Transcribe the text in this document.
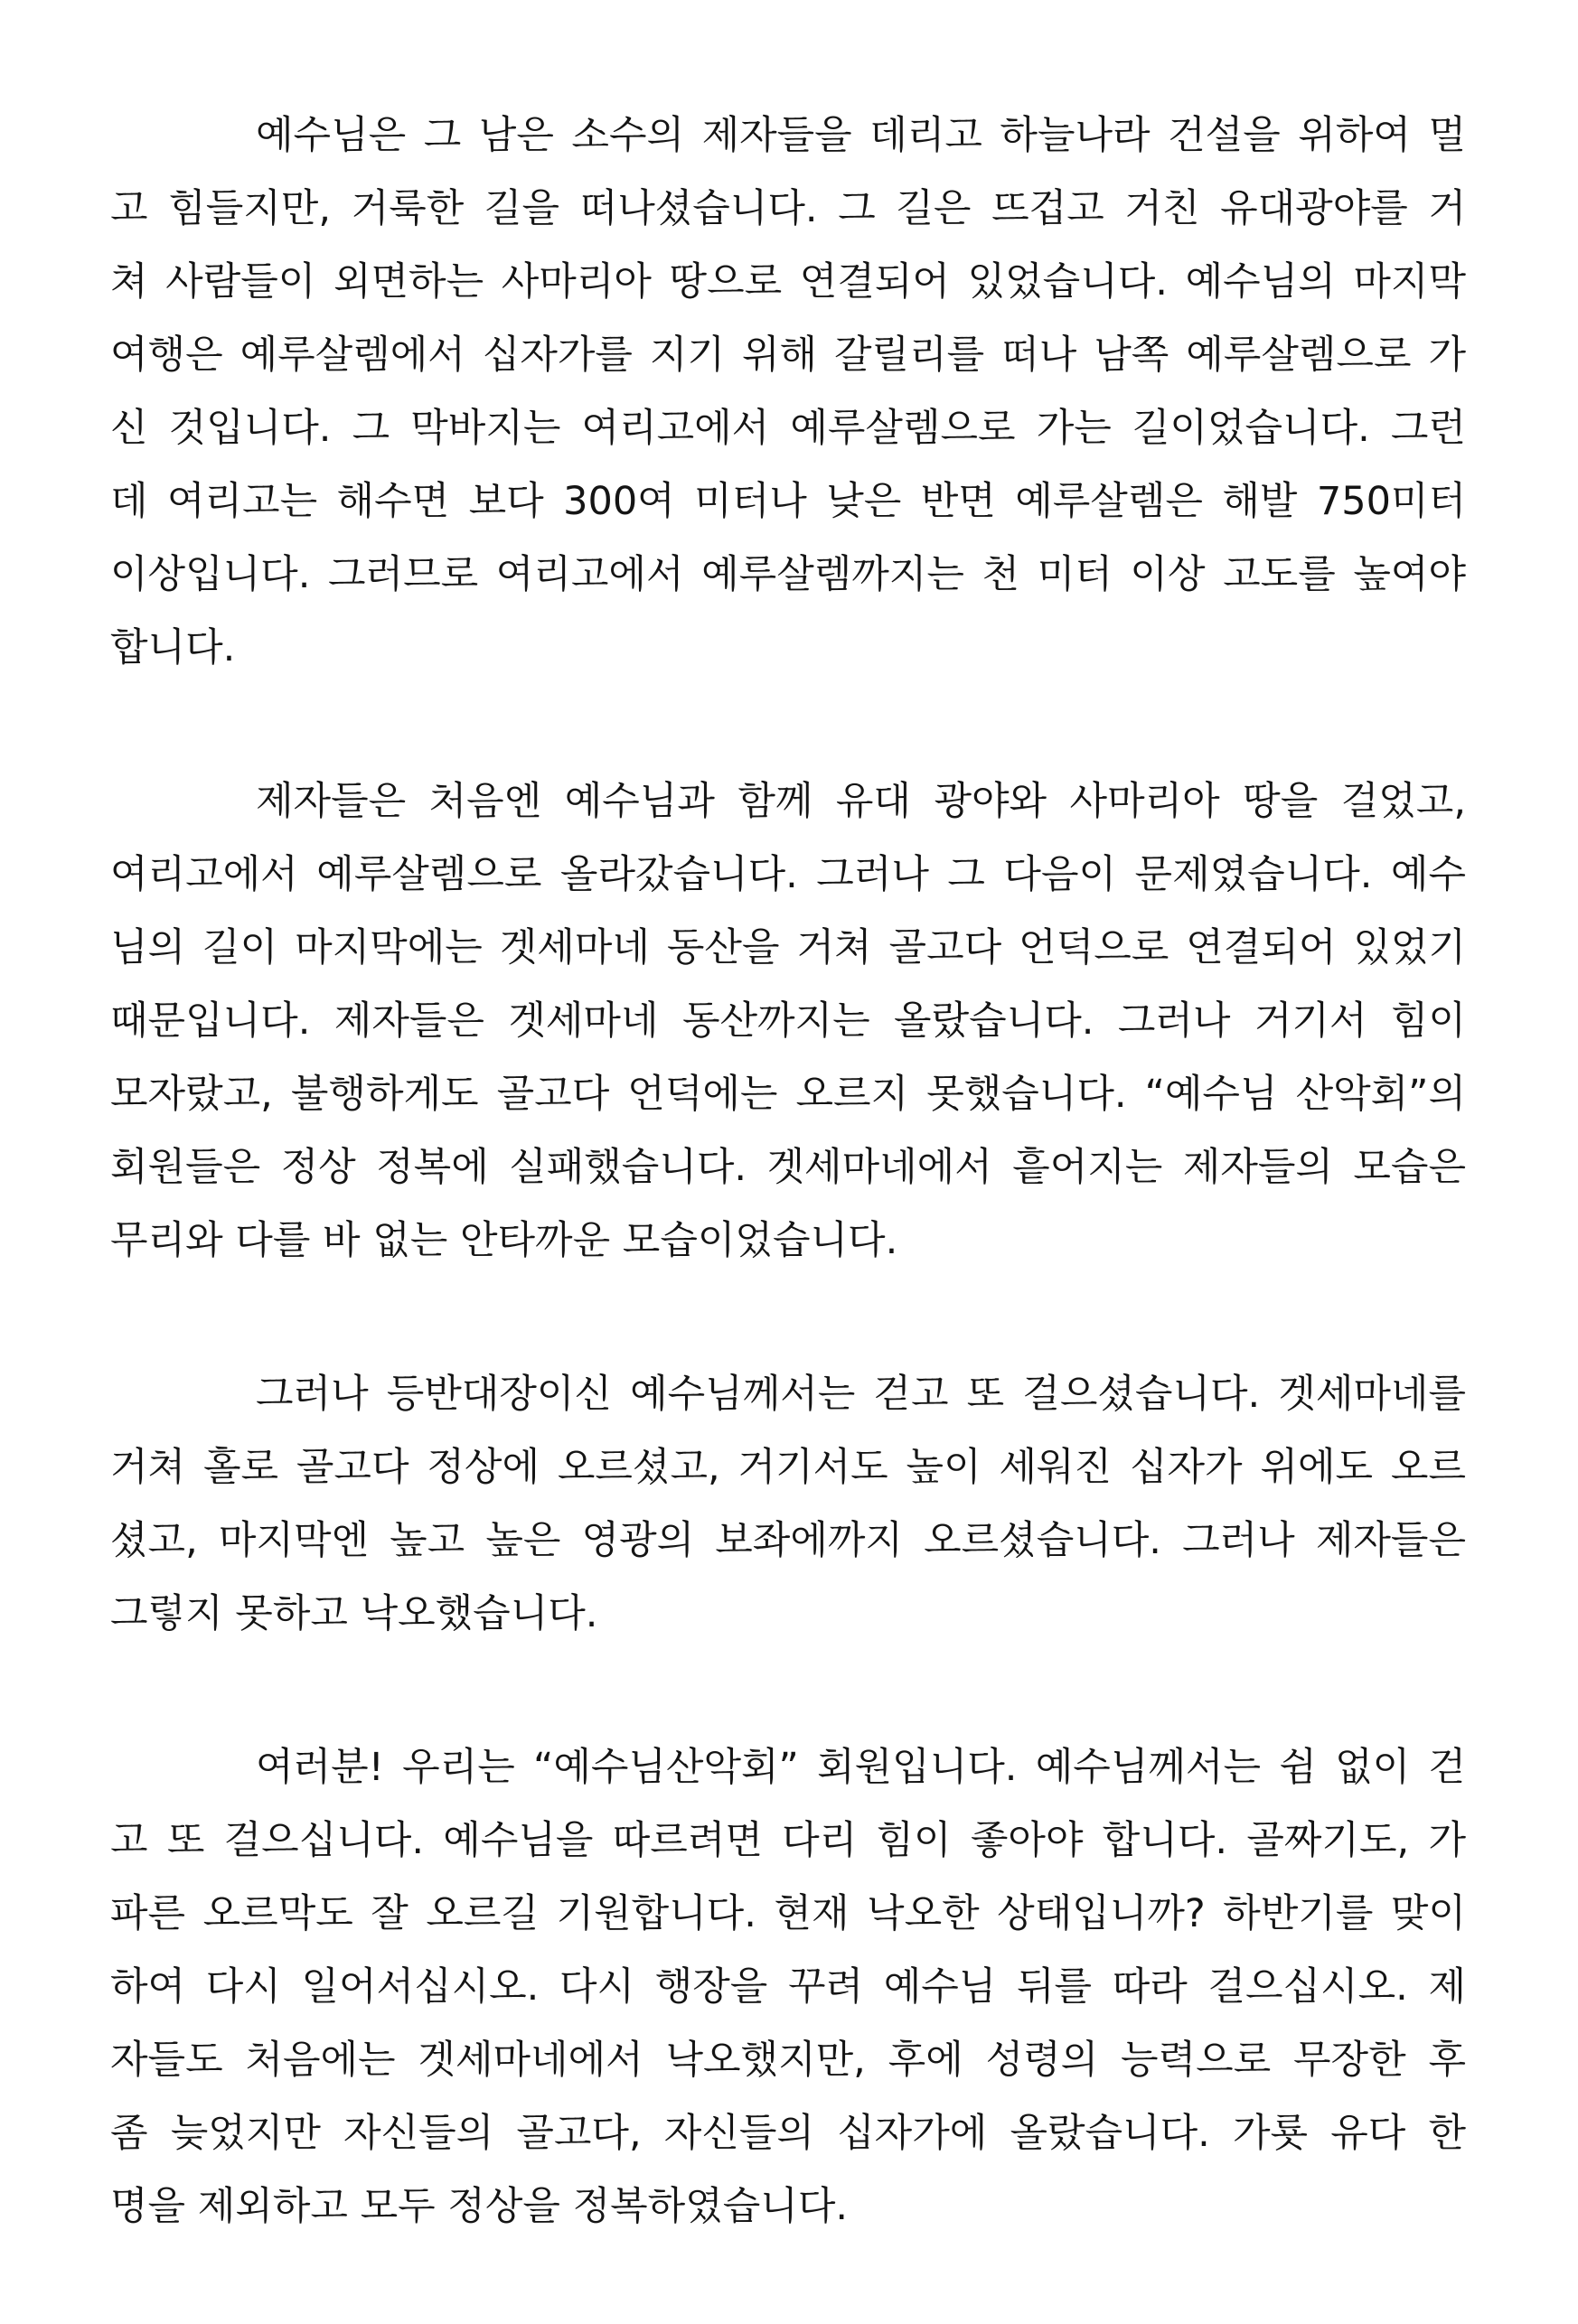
예수님은 그 남은 소수의 제자들을 데리고 하늘나라 건설을 위하여 멀
고 힘들지만, 거룩한 길을 떠나셨습니다. 그 길은 뜨겁고 거친 유대광야를 거
쳐 사람들이 외면하는 사마리아 땅으로 연결되어 있었습니다. 예수님의 마지막
여행은 예루살렘에서 십자가를 지기 위해 갈릴리를 떠나 남쪽 예루살렘으로 가
신 것입니다. 그 막바지는 여리고에서 예루살렘으로 가는 길이었습니다. 그런
데 여리고는 해수면 보다 300여 미터나 낮은 반면 예루살렘은 해발 750미터
이상입니다. 그러므로 여리고에서 예루살렘까지는 천 미터 이상 고도를 높여야
합니다.
제자들은 처음엔 예수님과 함께 유대 광야와 사마리아 땅을 걸었고,
여리고에서 예루살렘으로 올라갔습니다. 그러나 그 다음이 문제였습니다. 예수
님의 길이 마지막에는 겟세마네 동산을 거쳐 골고다 언덕으로 연결되어 있었기
때문입니다. 제자들은 겟세마네 동산까지는 올랐습니다. 그러나 거기서 힘이
모자랐고, 불행하게도 골고다 언덕에는 오르지 못했습니다. “예수님 산악회”의
회원들은 정상 정복에 실패했습니다. 겟세마네에서 흩어지는 제자들의 모습은
무리와 다를 바 없는 안타까운 모습이었습니다.
그러나 등반대장이신 예수님께서는 걷고 또 걸으셨습니다. 겟세마네를
거쳐 홀로 골고다 정상에 오르셨고, 거기서도 높이 세워진 십자가 위에도 오르
셨고, 마지막엔 높고 높은 영광의 보좌에까지 오르셨습니다. 그러나 제자들은
그렇지 못하고 낙오했습니다.
여러분! 우리는 “예수님산악회” 회원입니다. 예수님께서는 쉼 없이 걷
고 또 걸으십니다. 예수님을 따르려면 다리 힘이 좋아야 합니다. 골짜기도, 가
파른 오르막도 잘 오르길 기원합니다. 현재 낙오한 상태입니까? 하반기를 맞이
하여 다시 일어서십시오. 다시 행장을 꾸려 예수님 뒤를 따라 걸으십시오. 제
자들도 처음에는 겟세마네에서 낙오했지만, 후에 성령의 능력으로 무장한 후
좀 늦었지만 자신들의 골고다, 자신들의 십자가에 올랐습니다. 가룟 유다 한
명을 제외하고 모두 정상을 정복하였습니다.
